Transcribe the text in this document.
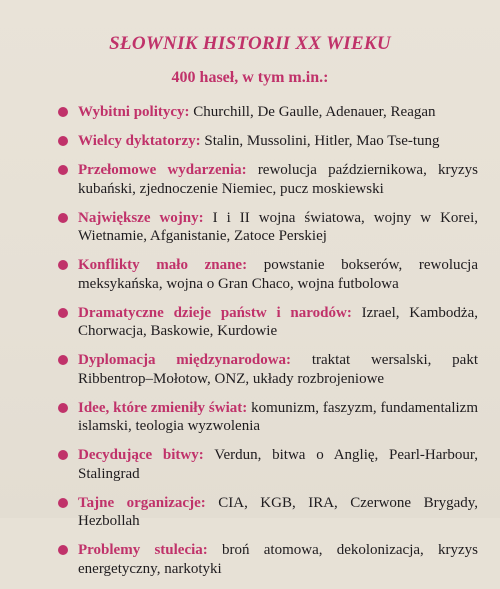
SŁOWNIK HISTORII XX WIEKU
400 haseł, w tym m.in.:
Wybitni politycy: Churchill, De Gaulle, Adenauer, Reagan
Wielcy dyktatorzy: Stalin, Mussolini, Hitler, Mao Tse-tung
Przełomowe wydarzenia: rewolucja październikowa, kryzys kubański, zjednoczenie Niemiec, pucz moskiewski
Największe wojny: I i II wojna światowa, wojny w Korei, Wietnamie, Afganistanie, Zatoce Perskiej
Konflikty mało znane: powstanie bokserów, rewolucja meksykańska, wojna o Gran Chaco, wojna futbolowa
Dramatyczne dzieje państw i narodów: Izrael, Kambodża, Chorwacja, Baskowie, Kurdowie
Dyplomacja międzynarodowa: traktat wersalski, pakt Ribbentrop–Mołotow, ONZ, układy rozbrojeniowe
Idee, które zmieniły świat: komunizm, faszyzm, fundamentalizm islamski, teologia wyzwolenia
Decydujące bitwy: Verdun, bitwa o Anglię, Pearl-Harbour, Stalingrad
Tajne organizacje: CIA, KGB, IRA, Czerwone Brygady, Hezbollah
Problemy stulecia: broń atomowa, dekolonizacja, kryzys energetyczny, narkotyki
